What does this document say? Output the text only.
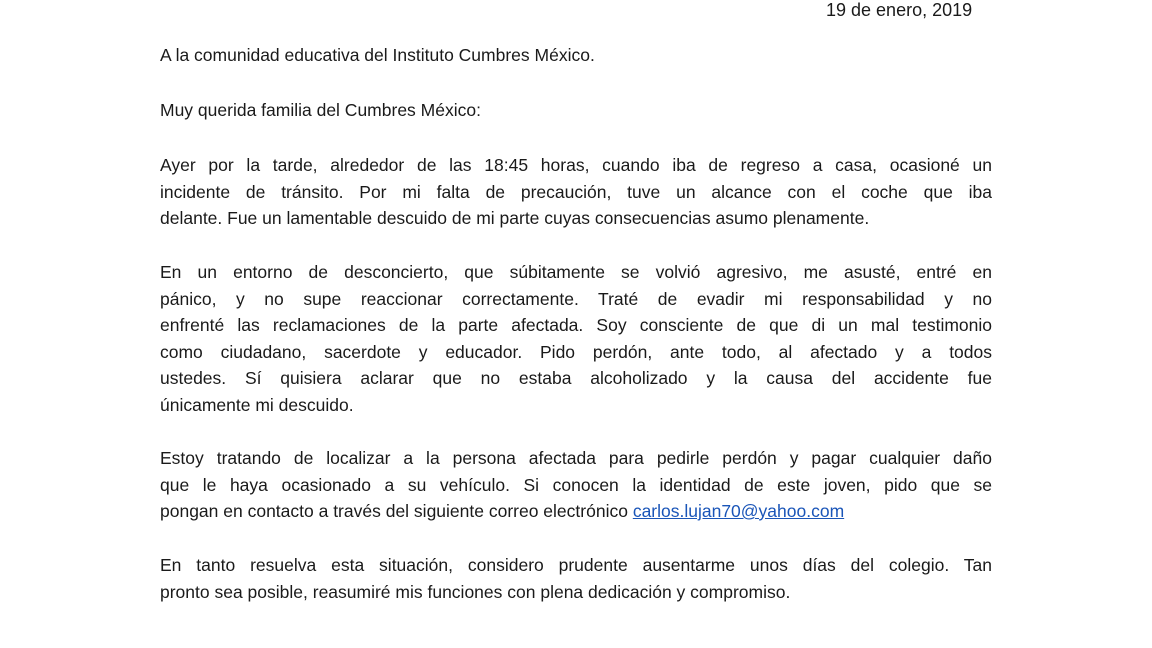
19 de enero, 2019
A la comunidad educativa del Instituto Cumbres México.
Muy querida familia del Cumbres México:
Ayer por la tarde, alrededor de las 18:45 horas, cuando iba de regreso a casa, ocasioné un
incidente de tránsito. Por mi falta de precaución, tuve un alcance con el coche que iba
delante. Fue un lamentable descuido de mi parte cuyas consecuencias asumo plenamente.
En un entorno de desconcierto, que súbitamente se volvió agresivo, me asusté, entré en
pánico, y no supe reaccionar correctamente. Traté de evadir mi responsabilidad y no
enfrenté las reclamaciones de la parte afectada. Soy consciente de que di un mal testimonio
como ciudadano, sacerdote y educador. Pido perdón, ante todo, al afectado y a todos
ustedes. Sí quisiera aclarar que no estaba alcoholizado y la causa del accidente fue
únicamente mi descuido.
Estoy tratando de localizar a la persona afectada para pedirle perdón y pagar cualquier daño
que le haya ocasionado a su vehículo. Si conocen la identidad de este joven, pido que se
pongan en contacto a través del siguiente correo electrónico carlos.lujan70@yahoo.com
En tanto resuelva esta situación, considero prudente ausentarme unos días del colegio. Tan
pronto sea posible, reasumiré mis funciones con plena dedicación y compromiso.
